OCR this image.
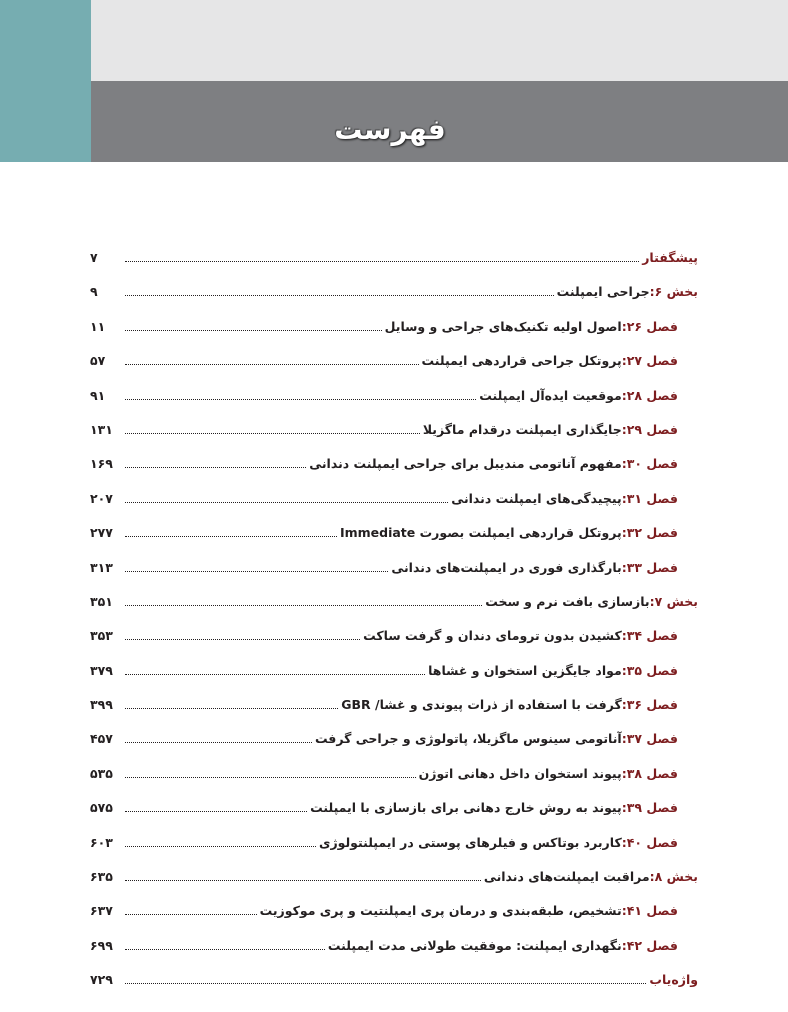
فهرست
پیشگفتار
۷
بخش ۶:
جراحی ایمپلنت
۹
فصل ۲۶:
اصول اولیه تکنیک‌های جراحی و وسایل
۱۱
فصل ۲۷:
پروتکل جراحی قراردهی ایمپلنت
۵۷
فصل ۲۸:
موقعیت ایده‌آل ایمپلنت
۹۱
فصل ۲۹:
جایگذاری ایمپلنت درقدام ماگزیلا
۱۳۱
فصل ۳۰:
مفهوم آناتومی مندیبل برای جراحی ایمپلنت دندانی
۱۶۹
فصل ۳۱:
پیچیدگی‌های ایمپلنت دندانی
۲۰۷
فصل ۳۲:
پروتکل قراردهی ایمپلنت بصورت Immediate
۲۷۷
فصل ۳۳:
بارگذاری فوری در ایمپلنت‌های دندانی
۳۱۳
بخش ۷:
بازسازی بافت نرم و سخت
۳۵۱
فصل ۳۴:
کشیدن بدون ترومای دندان و گرفت ساکت
۳۵۳
فصل ۳۵:
مواد جایگزین استخوان و غشاها
۳۷۹
فصل ۳۶:
گرفت با استفاده از ذرات پیوندی و غشا/ GBR
۳۹۹
فصل ۳۷:
آناتومی سینوس ماگزیلا، پاتولوژی و جراحی گرفت
۴۵۷
فصل ۳۸:
پیوند استخوان داخل دهانی اتوژن
۵۳۵
فصل ۳۹:
پیوند به روش خارج دهانی برای بازسازی با ایمپلنت
۵۷۵
فصل ۴۰:
کاربرد بوتاکس و فیلرهای پوستی در ایمپلنتولوژی
۶۰۳
بخش ۸:
مراقبت ایمپلنت‌های دندانی
۶۳۵
فصل ۴۱:
تشخیص، طبقه‌بندی و درمان پری ایمپلنتیت و پری موکوزیت
۶۳۷
فصل ۴۲:
نگهداری ایمپلنت: موفقیت طولانی مدت ایمپلنت
۶۹۹
واژه‌یاب
۷۲۹
